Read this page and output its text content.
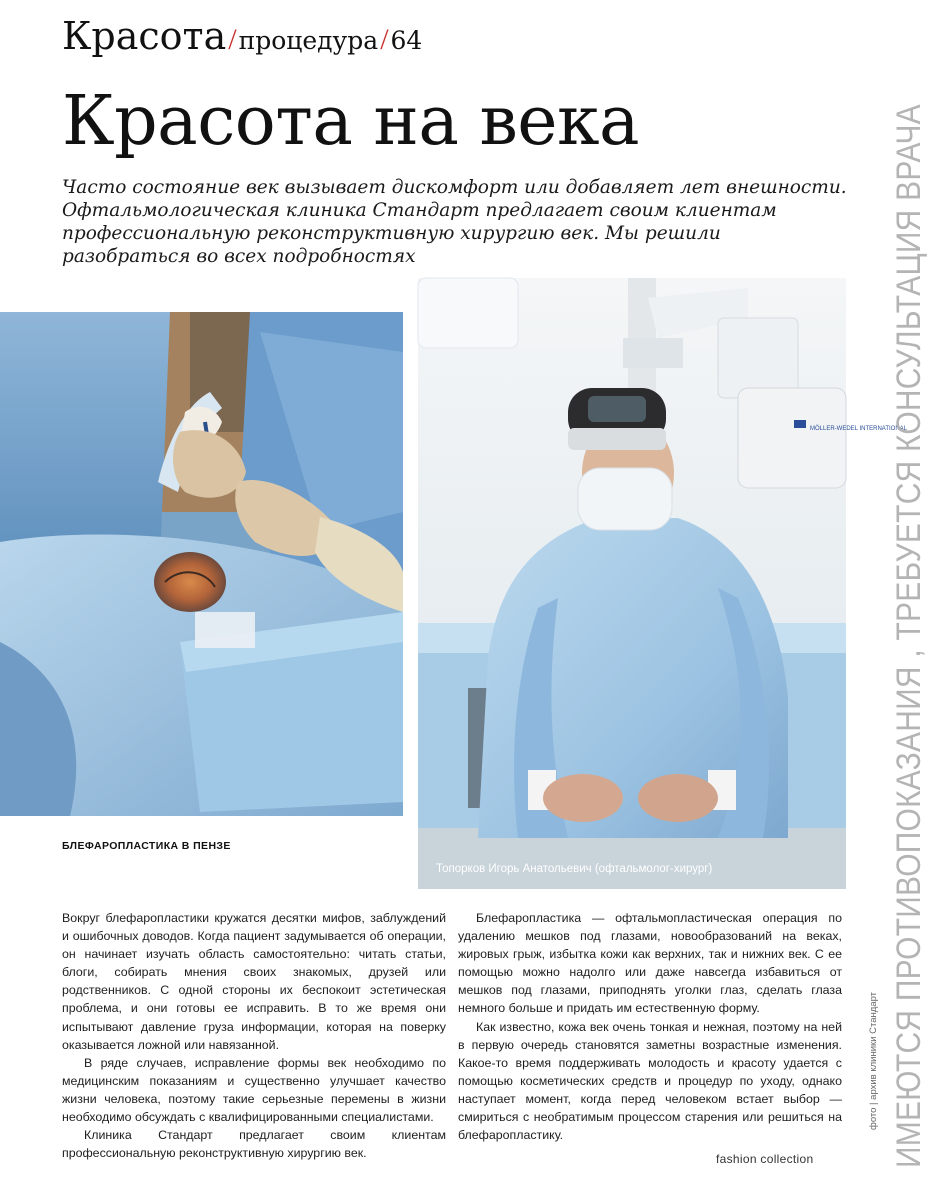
Красота/процедура/64
Красота на века
Часто состояние век вызывает дискомфорт или добавляет лет внешности. Офтальмологическая клиника Стандарт предлагает своим клиентам профессиональную реконструктивную хирургию век. Мы решили разобраться во всех подробностях
MÖLLER-WEDEL INTERNATIONAL
БЛЕФАРОПЛАСТИКА В ПЕНЗЕ
Топорков Игорь Анатольевич (офтальмолог-хирург)	ИМЕЮТСЯ ПРОТИВОПОКАЗАНИЯ , ТРЕБУЕТСЯ КОНСУЛЬТАЦИЯ ВРАЧА
фото | архив клиники Стандарт

Вокруг блефаропластики кружатся десятки мифов, заблуждений и ошибочных доводов. Когда пациент задумывается об операции, он начинает изучать область самостоятельно: читать статьи, блоги, собирать мнения своих знакомых, друзей или родственников. С одной стороны их беспокоит эстетическая проблема, и они готовы ее исправить. В то же время они испытывают давление груза информации, которая на поверку оказывается ложной или навязанной.

В ряде случаев, исправление формы век необходимо по медицинским показаниям и существенно улучшает качество жизни человека, поэтому такие серьезные перемены в жизни необходимо обсуждать с квалифицированными специалистами.

Клиника Стандарт предлагает своим клиентам профессиональную реконструктивную хирургию век.

Блефаропластика — офтальмопластическая операция по удалению мешков под глазами, новообразований на веках, жировых грыж, избытка кожи как верхних, так и нижних век. С ее помощью можно надолго или даже навсегда избавиться от мешков под глазами, приподнять уголки глаз, сделать глаза немного больше и придать им естественную форму.

Как известно, кожа век очень тонкая и нежная, поэтому на ней в первую очередь становятся заметны возрастные изменения. Какое-то время поддерживать молодость и красоту удается с помощью косметических средств и процедур по уходу, однако наступает момент, когда перед человеком встает выбор — смириться с необратимым процессом старения или решиться на блефаропластику.

fashion collection
